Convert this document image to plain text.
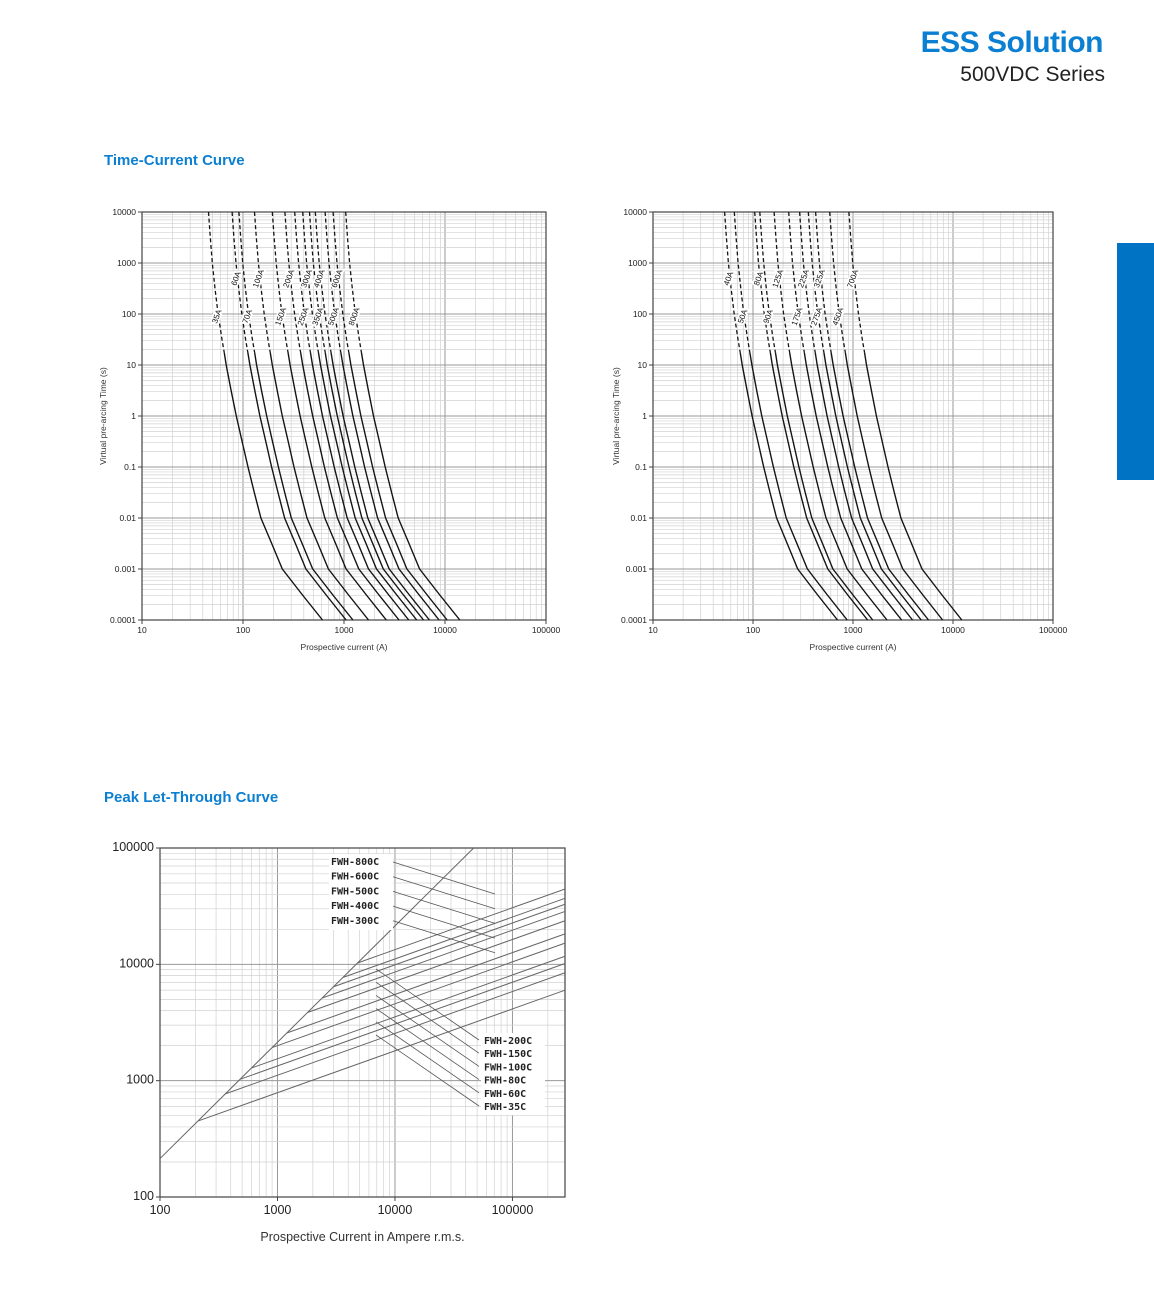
ESS Solution
500VDC Series
Time-Current Curve
10	100	1000	10000	100000
10000
1000
100
10
1
0.1
0.01
0.001
0.0001
Prospective current (A)
Virtual pre-arcing Time (s)
35A
60A
70A
100A
150A
200A
250A
300A
350A
400A
500A
600A
800A
10	100	1000	10000	100000
10000
1000
100
10
1
0.1
0.01
0.001
0.0001
Prospective current (A)
Virtual pre-arcing Time (s)
40A
50A
80A
90A
125A
175A
225A
275A
325A
450A
700A
Peak Let-Through Curve
100	1000	10000	100000
100000
10000
1000
100
Prospective Current in Ampere r.m.s.
FWH-800C
FWH-600C
FWH-500C
FWH-400C
FWH-300C
FWH-200C
FWH-150C
FWH-100C
FWH-80C
FWH-60C
FWH-35C
